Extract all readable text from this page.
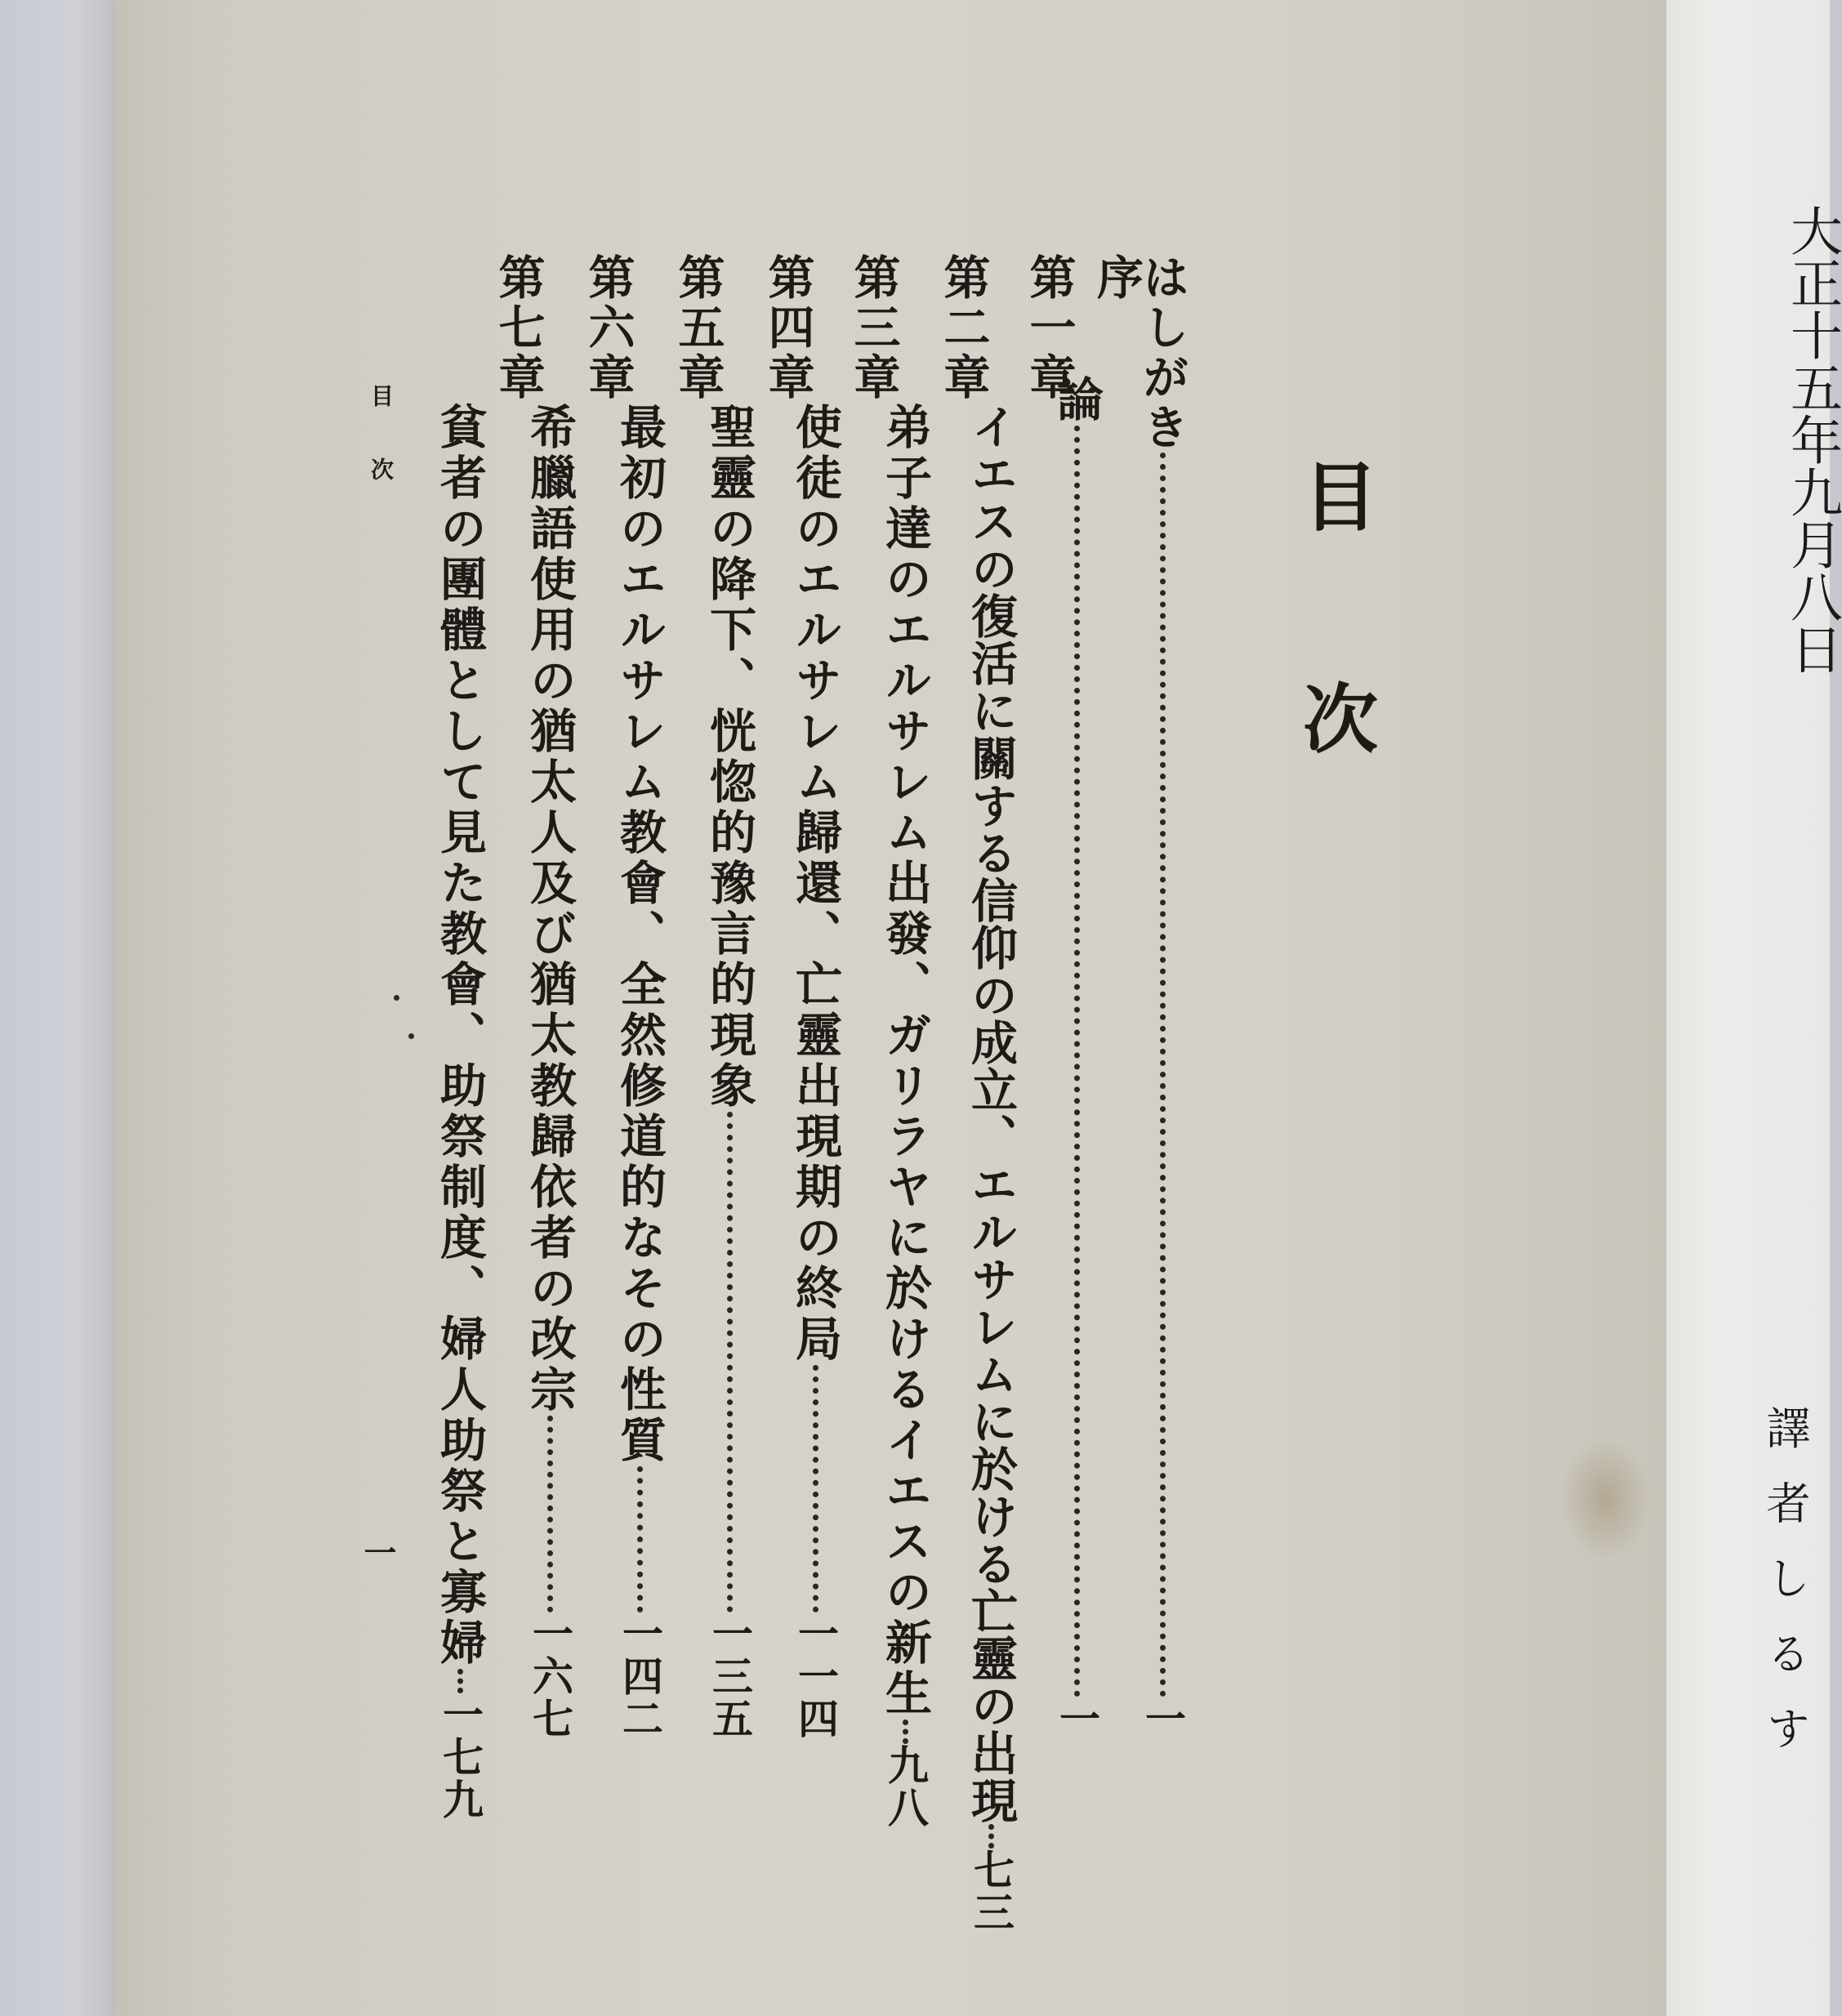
目次
はしがき
一
序
論
一
第一章
イエスの復活に關する信仰の成立、エルサレムに於ける亡靈の出現
七三
第二章
弟子達のエルサレム出發、ガリラヤに於けるイエスの新生
九八
第三章
使徒のエルサレム歸還、亡靈出現期の終局
一一四
第四章
聖靈の降下、恍惚的豫言的現象
一三五
第五章
最初のエルサレム教會、全然修道的なその性質
一四二
第六章
希臘語使用の猶太人及び猶太教歸依者の改宗
一六七
第七章
貧者の團體として見た教會、助祭制度、婦人助祭と寡婦
一七九
目次
一
大正十五年九月八日
譯者しるす
